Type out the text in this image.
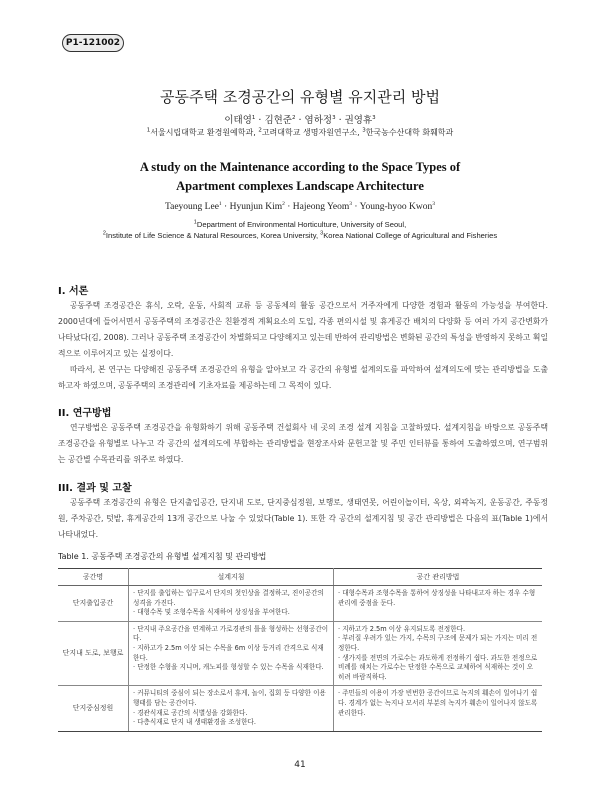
P1-121002
공동주택 조경공간의 유형별 유지관리 방법
이태영$^1$ · 김현준$^2$ · 염하정$^3$ · 권영휴$^3$
$^1$서울시립대학교 환경원예학과, $^2$고려대학교 생명자원연구소, $^3$한국농수산대학 화훼학과
A study on the Maintenance according to the Space Types of
Apartment complexes Landscape Architecture
Taeyoung Lee$^1$ · Hyunjun Kim$^2$ · Hajeong Yeom$^3$ · Young-hyoo Kwon$^3$
$^1$Department of Environmental Horticulture, University of Seoul,
$^2$Institute of Life Science & Natural Resources, Korea University, $^3$Korea National College of Agricultural and Fisheries
I. 서론

공동주택 조경공간은 휴식, 오락, 운동, 사회적 교류 등 공동체의 활동 공간으로서 거주자에게 다양한 경험과 활동의 가능성을 부여한다. 2000년대에 들어서면서 공동주택의 조경공간은 친환경적 계획요소의 도입, 각종 편의시설 및 휴게공간 배치의 다양화 등 여러 가지 공간변화가 나타났다(김, 2008). 그러나 공동주택 조경공간이 차별화되고 다양해지고 있는데 반하여 관리방법은 변화된 공간의 특성을 반영하지 못하고 획일적으로 이루어지고 있는 실정이다.

따라서, 본 연구는 다양해진 공동주택 조경공간의 유형을 알아보고 각 공간의 유형별 설계의도를 파악하여 설계의도에 맞는 관리방법을 도출하고자 하였으며, 공동주택의 조경관리에 기초자료를 제공하는데 그 목적이 있다.

II. 연구방법

연구방법은 공동주택 조경공간을 유형화하기 위해 공동주택 건설회사 네 곳의 조경 설계 지침을 고찰하였다. 설계지침을 바탕으로 공동주택 조경공간을 유형별로 나누고 각 공간의 설계의도에 부합하는 관리방법을 현장조사와 문헌고찰 및 주민 인터뷰를 통하여 도출하였으며, 연구범위는 공간별 수목관리를 위주로 하였다.

III. 결과 및 고찰

공동주택 조경공간의 유형은 단지출입공간, 단지내 도로, 단지중심정원, 보행로, 생태연못, 어린이놀이터, 옥상, 외곽녹지, 운동공간, 주동정원, 주차공간, 텃밭, 휴게공간의 13개 공간으로 나눌 수 있었다(Table 1). 또한 각 공간의 설계지침 및 공간 관리방법은 다음의 표(Table 1)에서 나타내었다.

Table 1. 공동주택 조경공간의 유형별 설계지침 및 관리방법
공간명	설계지침	공간 관리방법
단지출입공간	· 단지를 출입하는 입구로서 단지의 첫인상을 결정하고, 진이공간의 성격을 가진다.
· 대형수목 및 조형수목을 식재하여 상징성을 부여한다.	· 대형수목과 조형수목을 통하여 상징성을 나타내고자 하는 경우 수형 관리에 중점을 둔다.

단지내 도로, 보행로	· 단지내 주요공간을 연계하고 가로경관의 틀을 형성하는 선형공간이다.
· 지하고가 2.5m 이상 되는 수목을 6m 이상 등거리 간격으로 식재한다.
· 단정한 수형을 지니며, 캐노피를 형성할 수 있는 수목을 식재한다.	· 지하고가 2.5m 이상 유지되도록 전정한다.
· 부러질 우려가 있는 가지, 수목의 구조에 문제가 되는 가지는 미리 전정한다.
· 생가지를 전면의 가로수는 과도하게 전정하기 쉽다. 과도한 전정으로 비례를 해치는 가로수는 단정한 수목으로 교체하여 식재하는 것이 오히려 바람직하다.

단지중심정원	· 커뮤니티의 중심이 되는 장소로서 휴게, 놀이, 집회 등 다양한 이용행태를 담는 공간이다.
· 경관식재로 공간의 식별성을 강화한다.
· 다층식재로 단지 내 생태환경을 조성한다.	· 주민들의 이용이 가장 빈번한 공간이므로 녹지의 훼손이 일어나기 쉽다. 경계가 없는 녹지나 모서리 부분의 녹지가 훼손이 일어나지 않도록 관리한다.
41
